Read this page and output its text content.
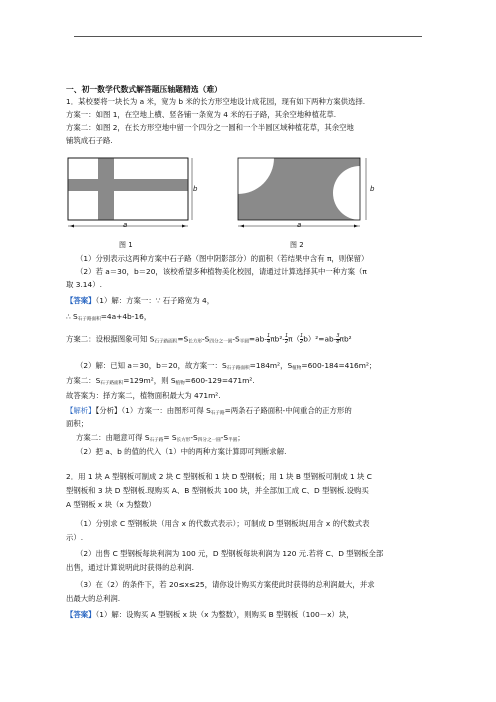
一、初一数学代数式解答题压轴题精选（难）
1．某校要将一块长为 a 米，宽为 b 米的长方形空地设计成花园，现有如下两种方案供选择.
方案一：如图 1，在空地上横、竖各铺一条宽为 4 米的石子路，其余空地种植花草.
方案二：如图 2，在长方形空地中留一个四分之一圆和一个半圆区域种植花草，其余空地
铺筑成石子路.
b
a
图 1
b
a
图 2
（1）分别表示这两种方案中石子路（图中阴影部分）的面积（若结果中含有 π，则保留）
（2）若 a＝30，b＝20，该校希望多种植物美化校园，请通过计算选择其中一种方案（π
取 3.14）.
【答案】（1）解：方案一：∵ 石子路宽为 4，
∴ $S_{石子路面积}=4a+4b-16$，
方案二：设根据图象可知 $S_{石子路面积}=S_{长方形}-S_{四分之一圆}-S_{半圆}=ab- \frac{1}{4} \pi b^2- \frac{1}{2} \pi( \frac{1}{2} b)^2=ab- \frac{3}{8} \pi b^2$
（2）解：已知 a＝30，b＝20，故方案一：$S_{石子路面积}=184m^2$，$S_{植物}=600-184=416m^2$；
方案二：$S_{石子路面积}=129m^2$，则 $S_{植物}=600-129=471m^2$.
故答案为：择方案二，植物面积最大为 471m².
【解析】【分析】（1）方案一：由图形可得 $S_{石子路}=$两条石子路面积-中间重合的正方形的
面积；
方案二：由题意可得 $S_{石子路}= S_{长方形}-S_{四分之一圆}-S_{半圆}$；
（2）把 a、b 的值的代入（1）中的两种方案计算即可判断求解.
2．用 1 块 A 型钢板可制成 2 块 C 型钢板和 1 块 D 型钢板；用 1 块 B 型钢板可制成 1 块 C
型钢板和 3 块 D 型钢板.现购买 A、B 型钢板共 100 块，并全部加工成 C、D 型钢板.设购买
A 型钢板 x 块（x 为整数）
（1）分别求 C 型钢板块（用含 x 的代数式表示）；可制成 D 型钢板块[用含 x 的代数式表
示）.
（2）出售 C 型钢板每块利润为 100 元，D 型钢板每块利润为 120 元.若将 C、D 型钢板全部
出售，通过计算说明此时获得的总利润.
（3）在（2）的条件下，若 20≤x≤25，请你设计购买方案使此时获得的总利润最大，并求
出最大的总利润.
【答案】（1）解：设购买 A 型钢板 x 块（x 为整数），则购买 B 型钢板（100－x）块，
